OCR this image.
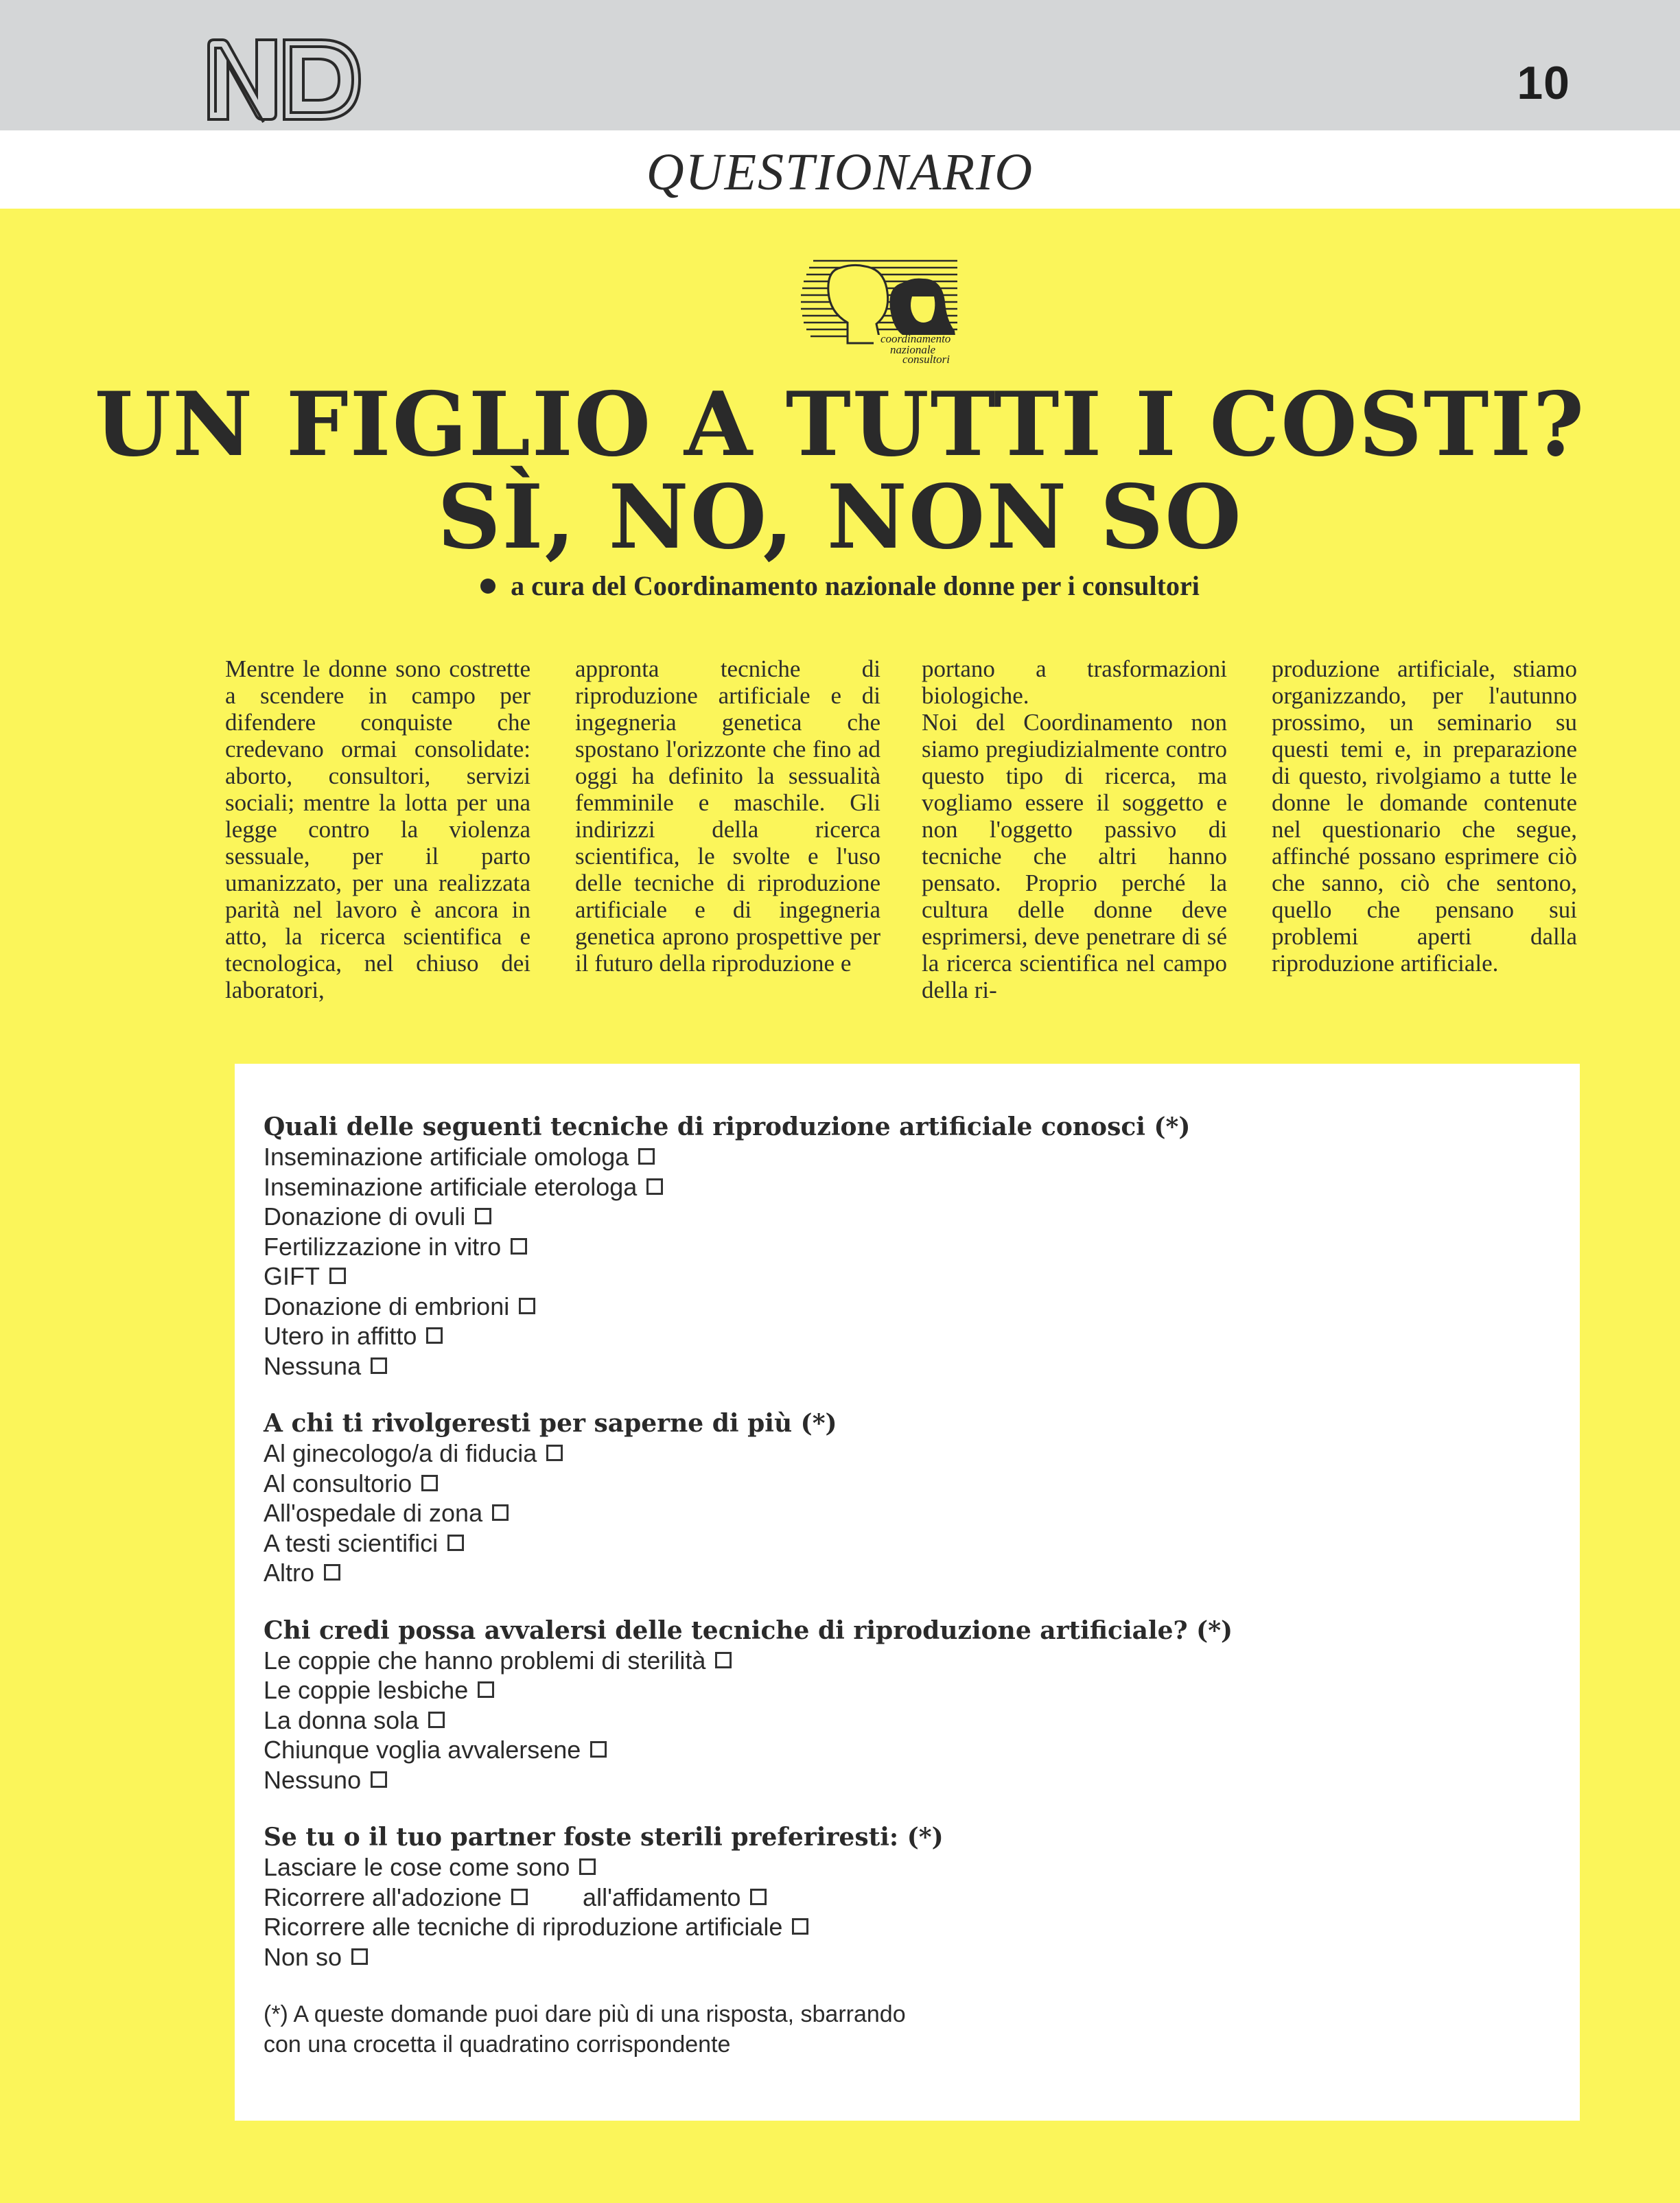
10
QUESTIONARIO
coordinamento
nazionale
consultori
UN FIGLIO A TUTTI I COSTI?
SÌ, NO, NON SO
a cura del Coordinamento nazionale donne per i consultori

Mentre le donne sono costrette a scendere in campo per difendere conquiste che credevano ormai consolidate: aborto, consultori, servizi sociali; mentre la lotta per una legge contro la violenza sessuale, per il parto umanizzato, per una realizzata parità nel lavoro è ancora in atto, la ricerca scientifica e tecnologica, nel chiuso dei laboratori,

appronta tecniche di riproduzione artificiale e di ingegneria genetica che spostano l'orizzonte che fino ad oggi ha definito la sessualità femminile e maschile. Gli indirizzi della ricerca scientifica, le svolte e l'uso delle tecniche di riproduzione artificiale e di ingegneria genetica aprono prospettive per il futuro della riproduzione e

portano a trasformazioni biologiche.

Noi del Coordinamento non siamo pregiudizialmente contro questo tipo di ricerca, ma vogliamo essere il soggetto e non l'oggetto passivo di tecniche che altri hanno pensato. Proprio perché la cultura delle donne deve esprimersi, deve penetrare di sé la ricerca scientifica nel campo della ri-

produzione artificiale, stiamo organizzando, per l'autunno prossimo, un seminario su questi temi e, in preparazione di questo, rivolgiamo a tutte le donne le domande contenute nel questionario che segue, affinché possano esprimere ciò che sanno, ciò che sentono, quello che pensano sui problemi aperti dalla riproduzione artificiale.

Quali delle seguenti tecniche di riproduzione artificiale conosci (*)
Inseminazione artificiale omologa
Inseminazione artificiale eterologa
Donazione di ovuli
Fertilizzazione in vitro
GIFT
Donazione di embrioni
Utero in affitto
Nessuna
A chi ti rivolgeresti per saperne di più (*)
Al ginecologo/a di fiducia
Al consultorio
All'ospedale di zona
A testi scientifici
Altro
Chi credi possa avvalersi delle tecniche di riproduzione artificiale? (*)
Le coppie che hanno problemi di sterilità
Le coppie lesbiche
La donna sola
Chiunque voglia avvalersene
Nessuno
Se tu o il tuo partner foste sterili preferiresti: (*)
Lasciare le cose come sono
Ricorrere all'adozione	all'affidamento
Ricorrere alle tecniche di riproduzione artificiale
Non so
(*) A queste domande puoi dare più di una risposta, sbarrando
con una crocetta il quadratino corrispondente
